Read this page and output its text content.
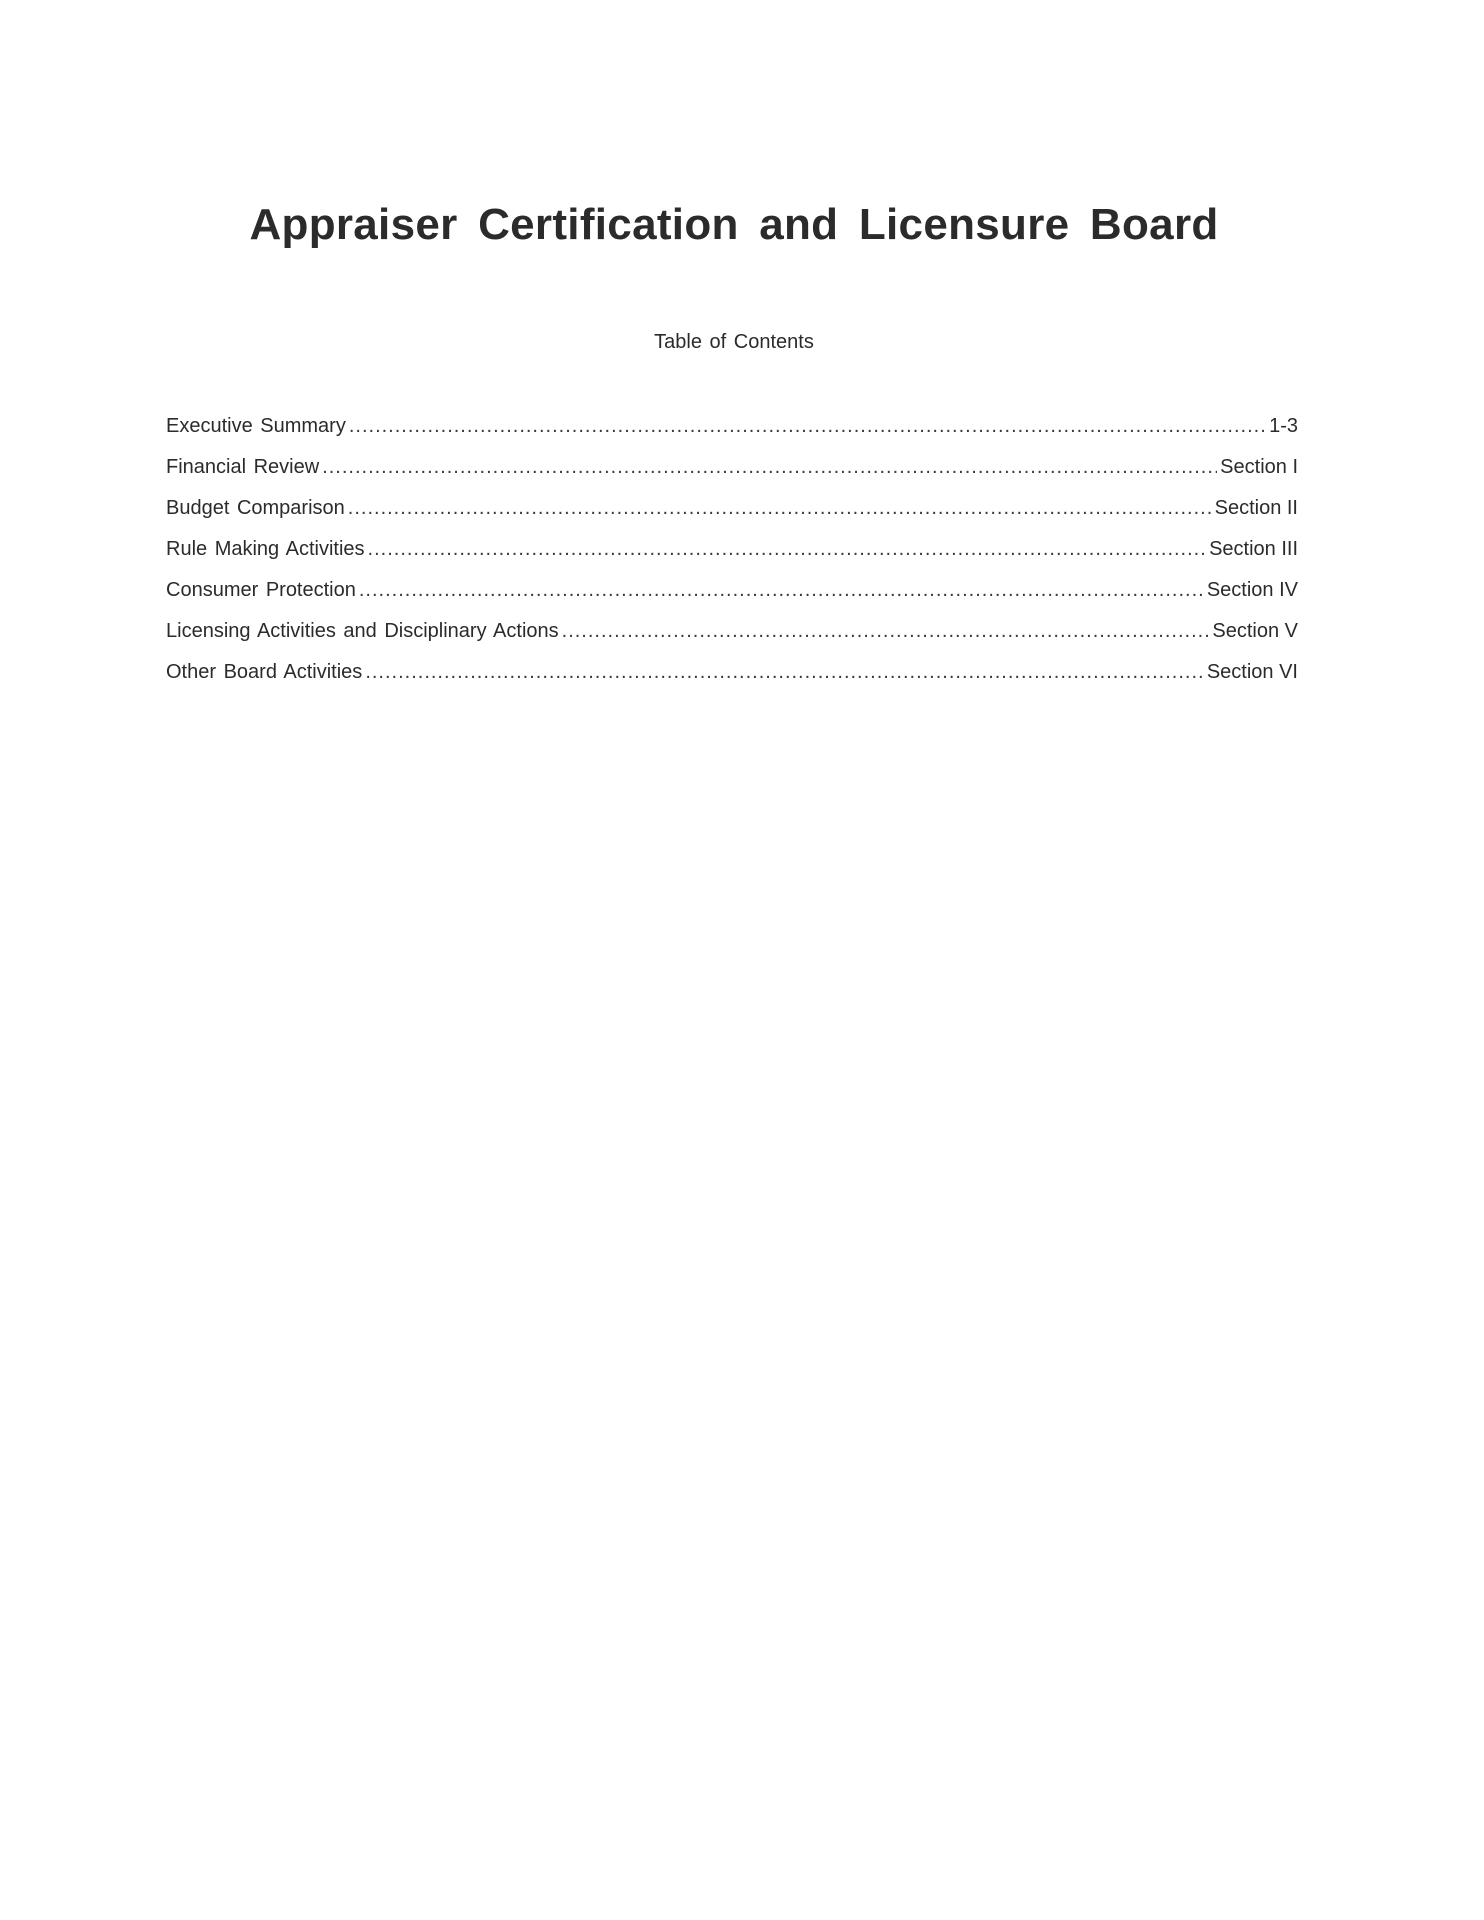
Appraiser Certification and Licensure Board
Table of Contents
Executive Summary .....	1-3
Financial Review .....	Section I
Budget Comparison .....	Section II
Rule Making Activities .....	Section III
Consumer Protection .....	Section IV
Licensing Activities and Disciplinary Actions .....	Section V
Other Board Activities .....	Section VI
